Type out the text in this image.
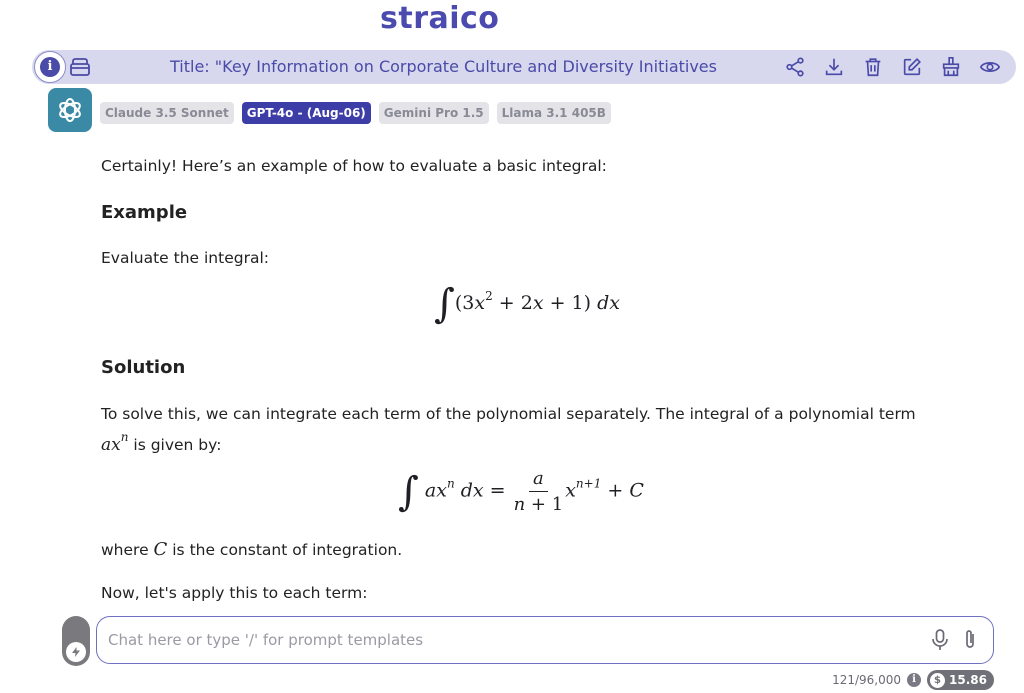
straico
i	Title: "Key Information on Corporate Culture and Diversity Initiatives
Claude 3.5 Sonnet	GPT-4o - (Aug-06)	Gemini Pro 1.5	Llama 3.1 405B
Certainly! Here’s an example of how to evaluate a basic integral:
Example
Evaluate the integral:
$\int(3x^2 + 2x + 1)$ dx
Solution
To solve this, we can integrate each term of the polynomial separately. The integral of a polynomial term
$ax^n$ is given by:
∫ $ax^n$ dx = $\frac{a}{n + 1} x^{n+1} + C$
where C is the constant of integration.
Now, let's apply this to each term:
Chat here or type '/' for prompt templates
121/96,000	i	$ 15.86
